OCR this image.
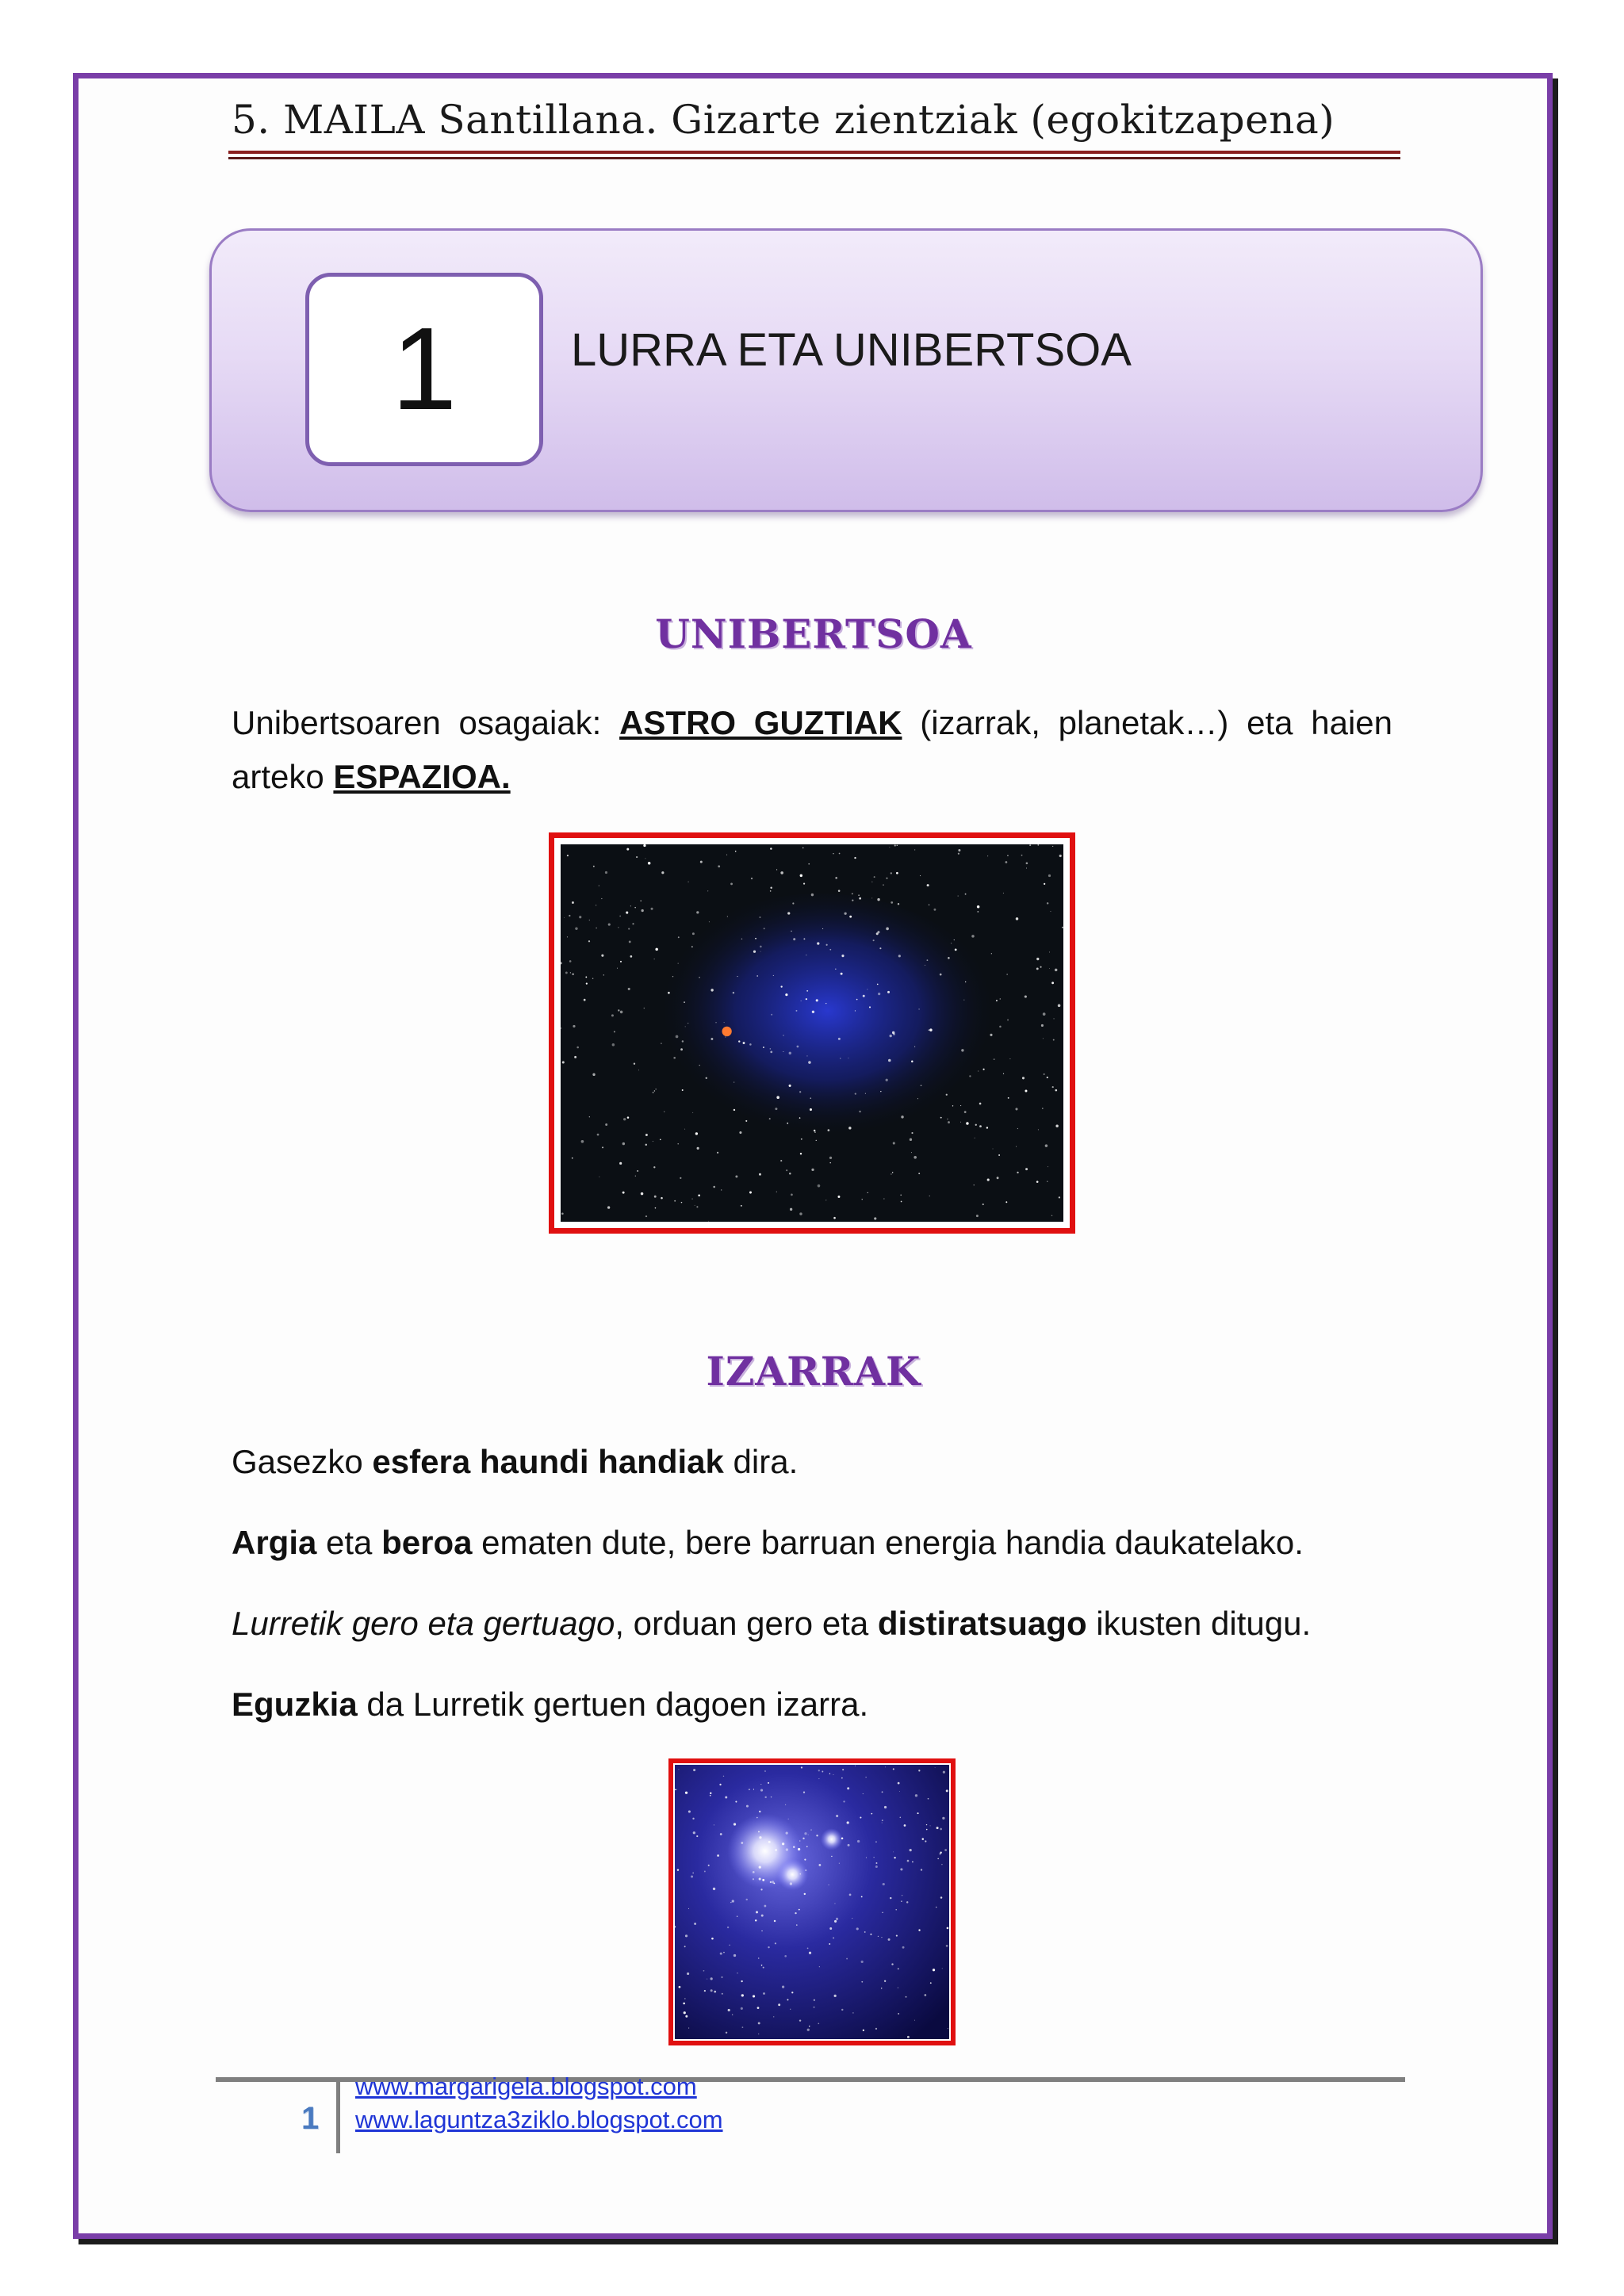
5. MAILA Santillana. Gizarte zientziak (egokitzapena)
1	LURRA ETA UNIBERTSOA
UNIBERTSOA
Unibertsoaren osagaiak: ASTRO GUZTIAK (izarrak, planetak…) eta haien arteko ESPAZIOA.
IZARRAK
Gasezko esfera haundi handiak dira.
Argia eta beroa ematen dute, bere barruan energia handia daukatelako.
Lurretik gero eta gertuago, orduan gero eta distiratsuago ikusten ditugu.
Eguzkia da Lurretik gertuen dagoen izarra.
1
www.margarigela.blogspot.com
www.laguntza3ziklo.blogspot.com
